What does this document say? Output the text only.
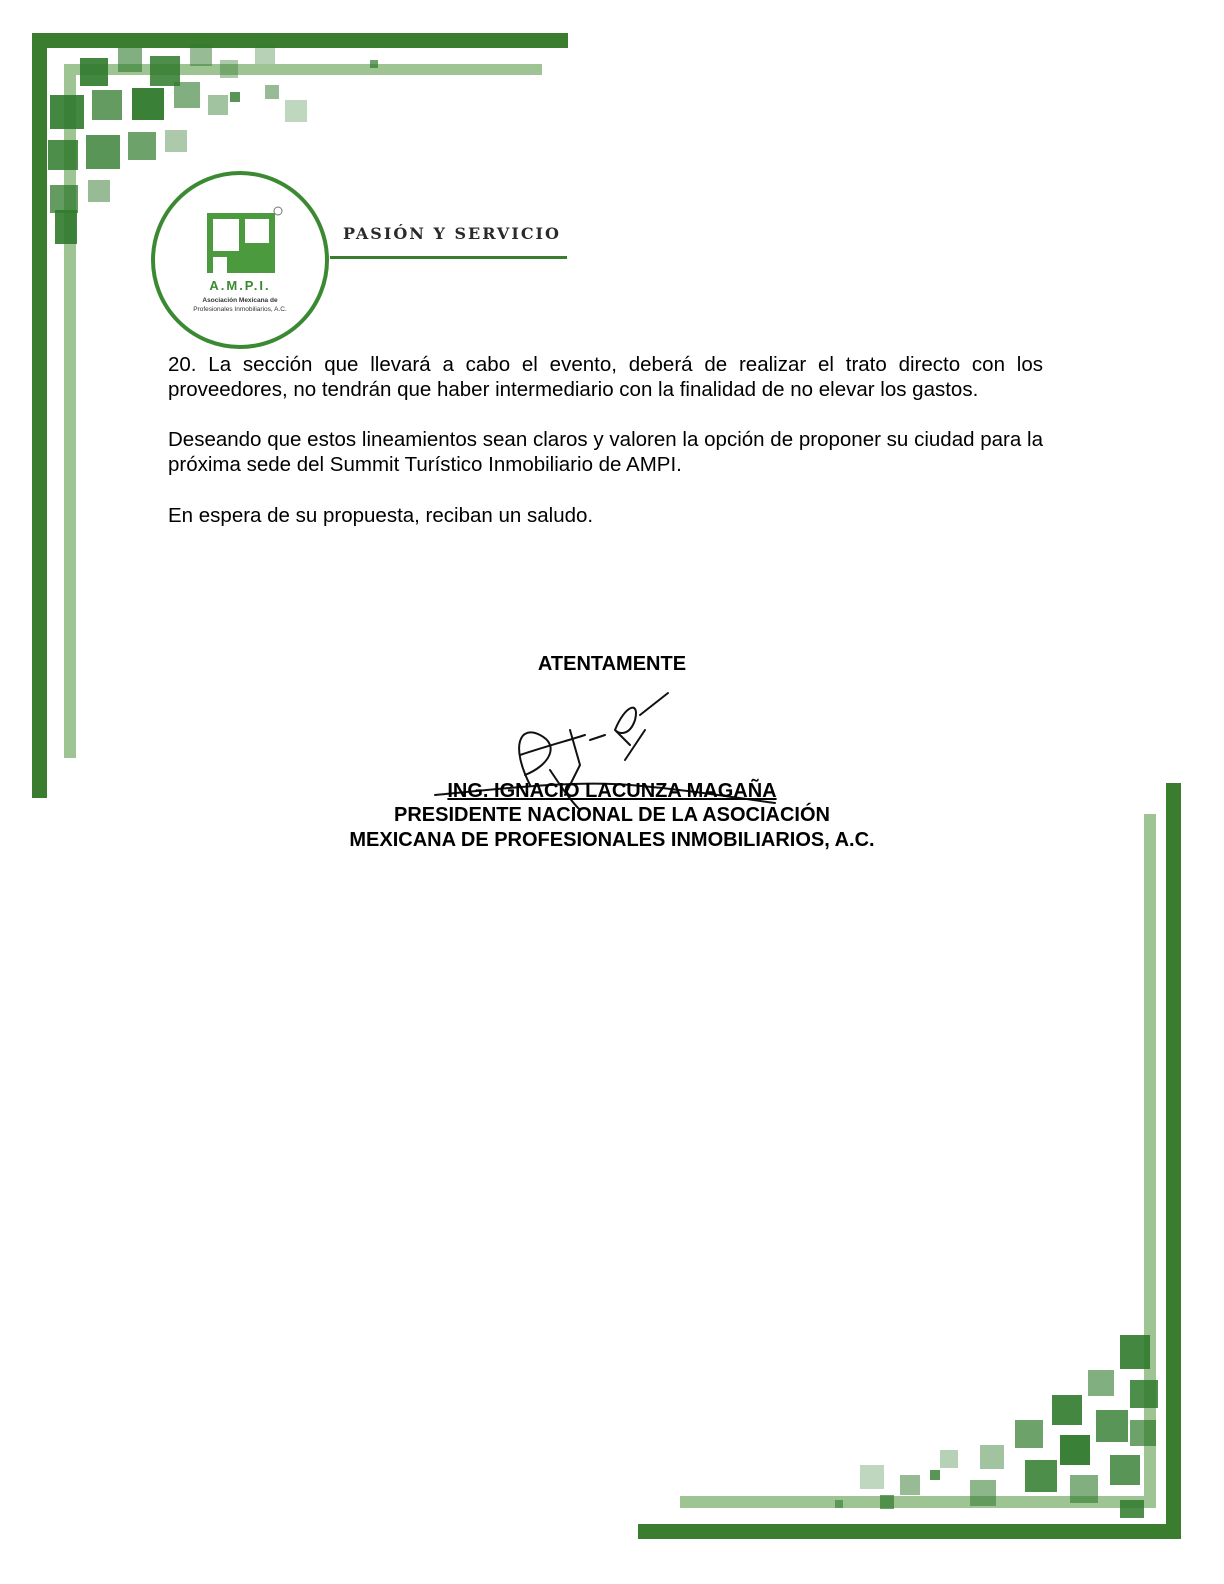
A.M.P.I.
Asociación Mexicana de
Profesionales Inmobiliarios, A.C.
PASIÓN Y SERVICIO
20. La sección que llevará a cabo el evento, deberá de realizar el trato directo con los proveedores, no tendrán que haber intermediario con la finalidad de no elevar los gastos.
Deseando que estos lineamientos sean claros y valoren la opción de proponer su ciudad para la próxima sede del Summit Turístico Inmobiliario de AMPI.
En espera de su propuesta, reciban un saludo.
ATENTAMENTE
ING. IGNACIO LACUNZA MAGAÑA
PRESIDENTE NACIONAL DE LA ASOCIACIÓN
MEXICANA DE PROFESIONALES INMOBILIARIOS, A.C.
